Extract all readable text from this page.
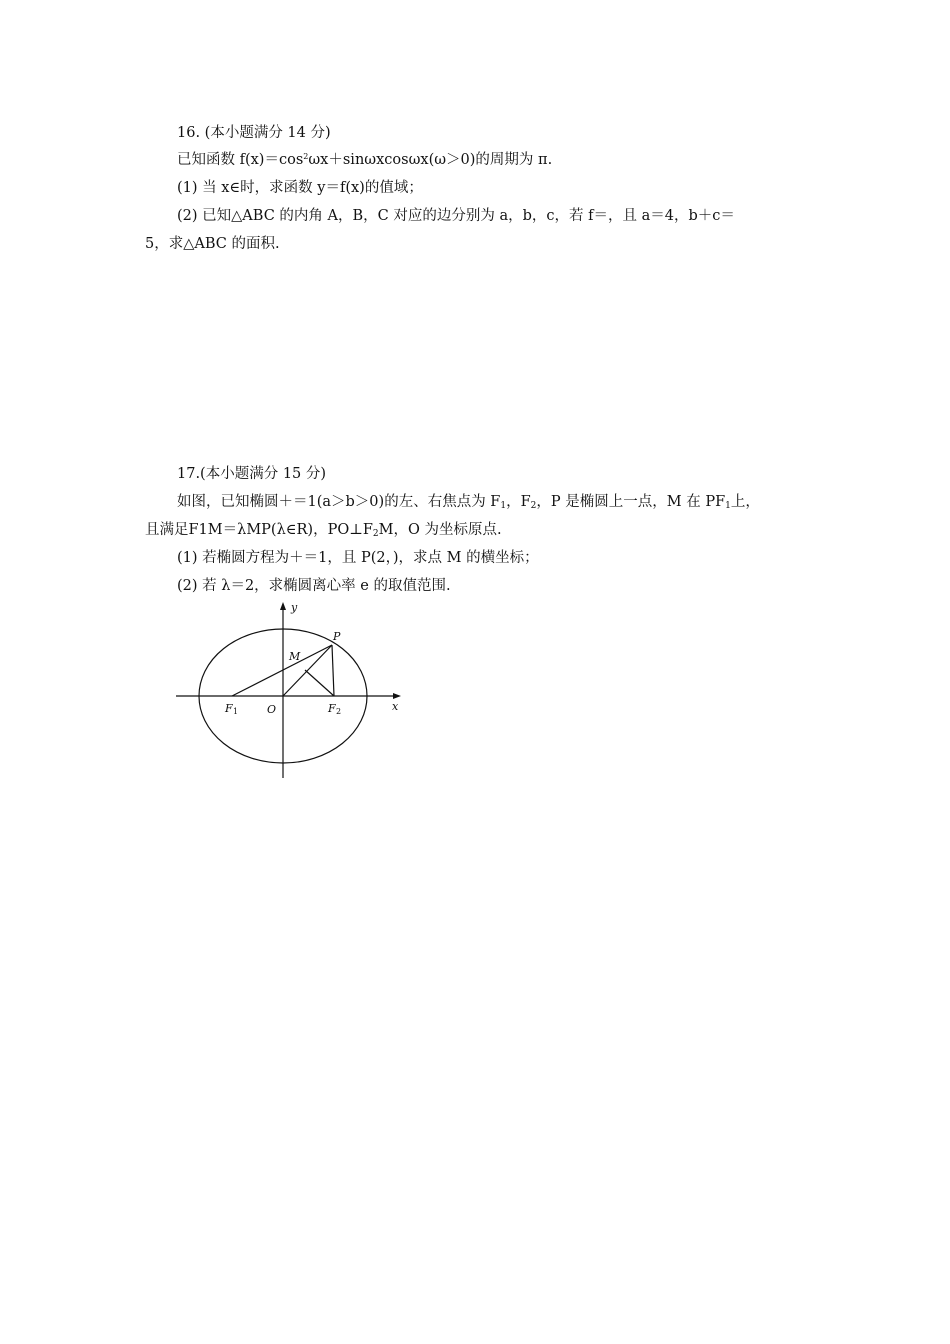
16. (本小题满分 14 分)
已知函数 $f(x)=\cos^2\omega x+\sin\omega xcos\omega x(\omega>0)$的周期为 π.
(1) 当 x∈时，求函数 y＝f(x)的值域；
(2) 已知△ABC 的内角 A，B，C 对应的边分别为 a，b，c，若 f＝，且 a＝4，b＋c＝
5，求△ABC 的面积.
17.(本小题满分 15 分)
如图，已知椭圆＋＝1(a＞b＞0)的左、右焦点为 $F_1$，$F_2$，P 是椭圆上一点，M 在 $PF_1$上，
且满足F1M＝λMP(λ∈R)，$PO\perp F_2M$，O 为坐标原点.
(1) 若椭圆方程为＋＝1，且 P(2，)，求点 M 的横坐标；
(2) 若 λ＝2，求椭圆离心率 e 的取值范围.
y
x
P
M
O
F 1	F 2
